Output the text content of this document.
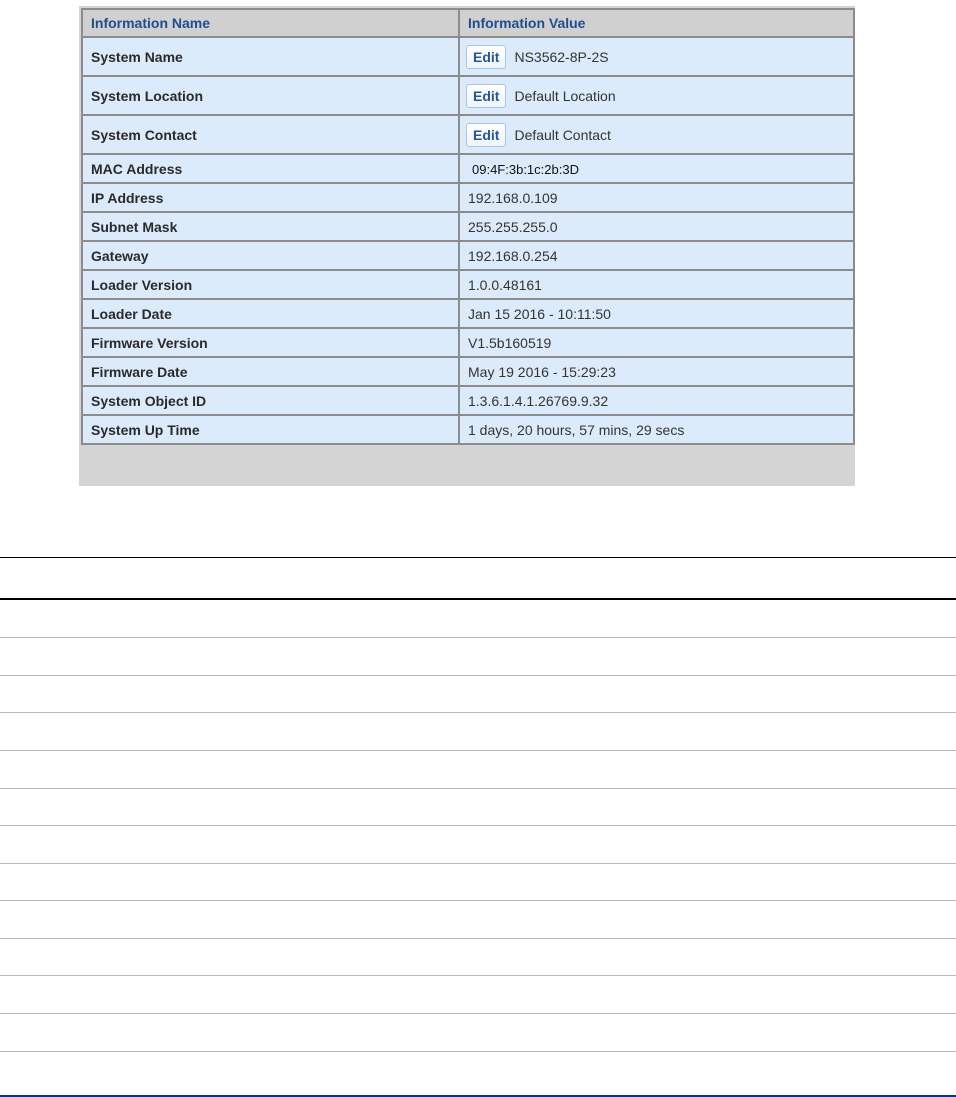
Information Name	Information Value
System Name	Edit NS3562-8P-2S
System Location	Edit Default Location
System Contact	Edit Default Contact
MAC Address	09:4F:3b:1c:2b:3D
IP Address	192.168.0.109
Subnet Mask	255.255.255.0
Gateway	192.168.0.254
Loader Version	1.0.0.48161
Loader Date	Jan 15 2016 - 10:11:50
Firmware Version	V1.5b160519
Firmware Date	May 19 2016 - 15:29:23
System Object ID	1.3.6.1.4.1.26769.9.32
System Up Time	1 days, 20 hours, 57 mins, 29 secs
